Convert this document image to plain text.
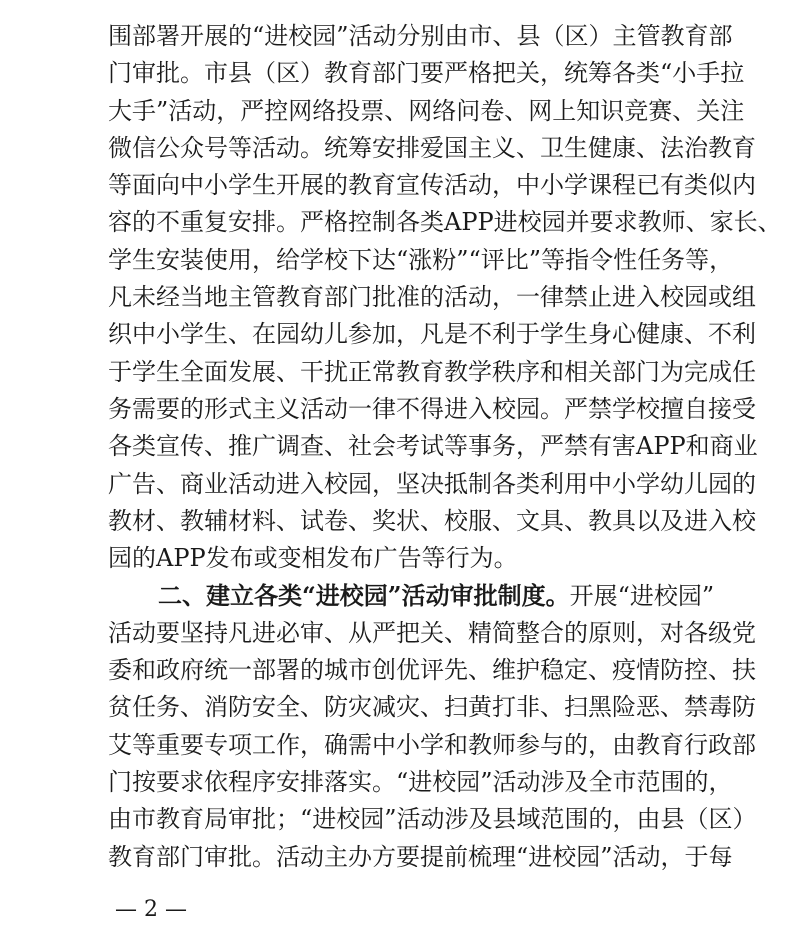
围部署开展的“进校园”活动分别由市、县（区）主管教育部
门审批。市县（区）教育部门要严格把关，统筹各类“小手拉
大手”活动，严控网络投票、网络问卷、网上知识竞赛、关注
微信公众号等活动。统筹安排爱国主义、卫生健康、法治教育
等面向中小学生开展的教育宣传活动，中小学课程已有类似内
容的不重复安排。严格控制各类APP进校园并要求教师、家长、
学生安装使用，给学校下达“涨粉”“评比”等指令性任务等，
凡未经当地主管教育部门批准的活动，一律禁止进入校园或组
织中小学生、在园幼儿参加，凡是不利于学生身心健康、不利
于学生全面发展、干扰正常教育教学秩序和相关部门为完成任
务需要的形式主义活动一律不得进入校园。严禁学校擅自接受
各类宣传、推广调查、社会考试等事务，严禁有害APP和商业
广告、商业活动进入校园，坚决抵制各类利用中小学幼儿园的
教材、教辅材料、试卷、奖状、校服、文具、教具以及进入校
园的APP发布或变相发布广告等行为。
二、建立各类“进校园”活动审批制度。开展“进校园”
活动要坚持凡进必审、从严把关、精简整合的原则，对各级党
委和政府统一部署的城市创优评先、维护稳定、疫情防控、扶
贫任务、消防安全、防灾减灾、扫黄打非、扫黑险恶、禁毒防
艾等重要专项工作，确需中小学和教师参与的，由教育行政部
门按要求依程序安排落实。“进校园”活动涉及全市范围的，
由市教育局审批；“进校园”活动涉及县域范围的，由县（区）
教育部门审批。活动主办方要提前梳理“进校园”活动，于每
— 2 —
